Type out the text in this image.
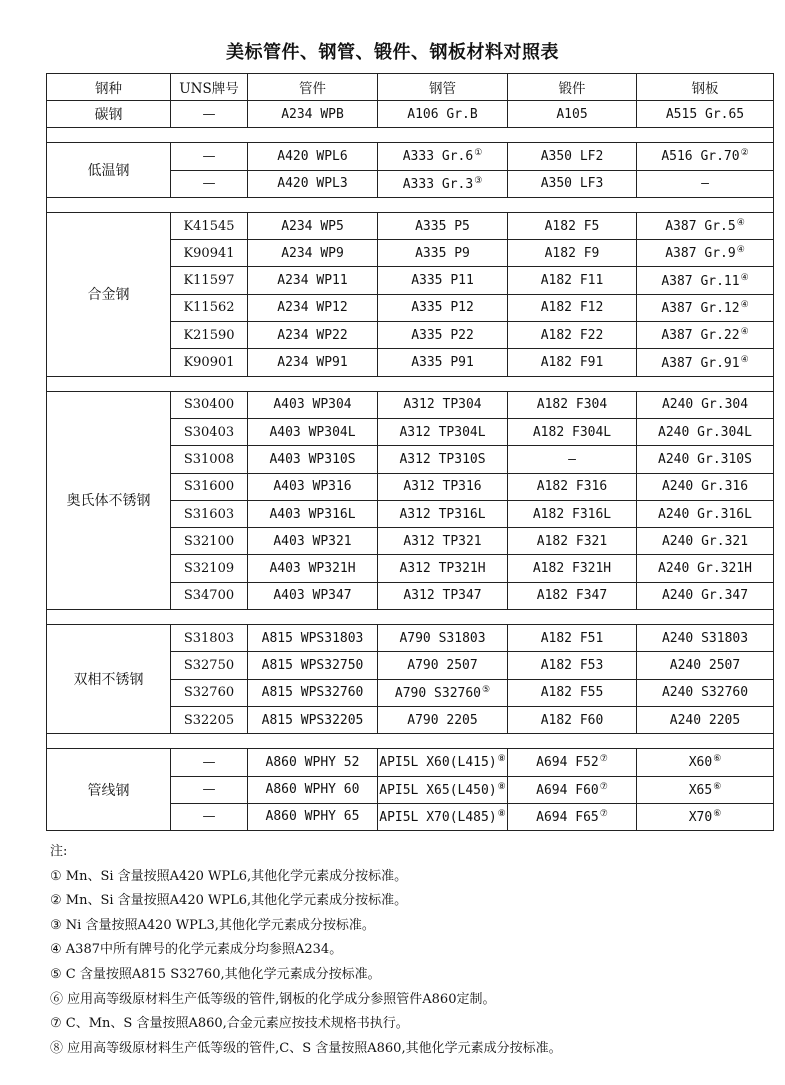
美标管件、钢管、锻件、钢板材料对照表
钢种	UNS牌号	管件	钢管	锻件	钢板
碳钢	—	A234 WPB	A106 Gr.B	A105	A515 Gr.65

低温钢	—	A420 WPL6	A333 Gr.6①	A350 LF2	A516 Gr.70②
	—	A420 WPL3	A333 Gr.3③	A350 LF3	—

合金钢	K41545	A234 WP5	A335 P5	A182 F5	A387 Gr.5④
	K90941	A234 WP9	A335 P9	A182 F9	A387 Gr.9④
	K11597	A234 WP11	A335 P11	A182 F11	A387 Gr.11④
	K11562	A234 WP12	A335 P12	A182 F12	A387 Gr.12④
	K21590	A234 WP22	A335 P22	A182 F22	A387 Gr.22④
	K90901	A234 WP91	A335 P91	A182 F91	A387 Gr.91④

奥氏体不锈钢	S30400	A403 WP304	A312 TP304	A182 F304	A240 Gr.304
	S30403	A403 WP304L	A312 TP304L	A182 F304L	A240 Gr.304L
	S31008	A403 WP310S	A312 TP310S	—	A240 Gr.310S
	S31600	A403 WP316	A312 TP316	A182 F316	A240 Gr.316
	S31603	A403 WP316L	A312 TP316L	A182 F316L	A240 Gr.316L
	S32100	A403 WP321	A312 TP321	A182 F321	A240 Gr.321
	S32109	A403 WP321H	A312 TP321H	A182 F321H	A240 Gr.321H
	S34700	A403 WP347	A312 TP347	A182 F347	A240 Gr.347

双相不锈钢	S31803	A815 WPS31803	A790 S31803	A182 F51	A240 S31803
	S32750	A815 WPS32750	A790 2507	A182 F53	A240 2507
	S32760	A815 WPS32760	A790 S32760⑤	A182 F55	A240 S32760
	S32205	A815 WPS32205	A790 2205	A182 F60	A240 2205

管线钢	—	A860 WPHY 52	API5L X60(L415)⑧	A694 F52⑦	X60⑥
	—	A860 WPHY 60	API5L X65(L450)⑧	A694 F60⑦	X65⑥
	—	A860 WPHY 65	API5L X70(L485)⑧	A694 F65⑦	X70⑥
注:
① Mn、Si 含量按照A420 WPL6,其他化学元素成分按标准。
② Mn、Si 含量按照A420 WPL6,其他化学元素成分按标准。
③ Ni 含量按照A420 WPL3,其他化学元素成分按标准。
④ A387中所有牌号的化学元素成分均参照A234。
⑤ C 含量按照A815 S32760,其他化学元素成分按标准。
⑥ 应用高等级原材料生产低等级的管件,钢板的化学成分参照管件A860定制。
⑦ C、Mn、S 含量按照A860,合金元素应按技术规格书执行。
⑧ 应用高等级原材料生产低等级的管件,C、S 含量按照A860,其他化学元素成分按标准。
